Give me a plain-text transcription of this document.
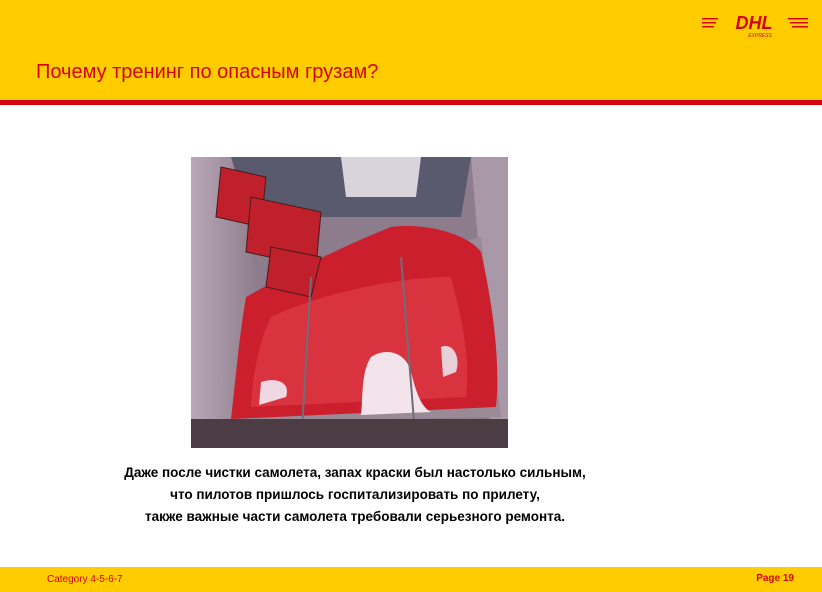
Почему тренинг по опасным грузам?
DHL
EXPRESS
Даже после чистки самолета, запах краски был настолько сильным,
что пилотов пришлось госпитализировать по прилету,
также важные части самолета требовали серьезного ремонта.
Category 4-5-6-7	Page 19
